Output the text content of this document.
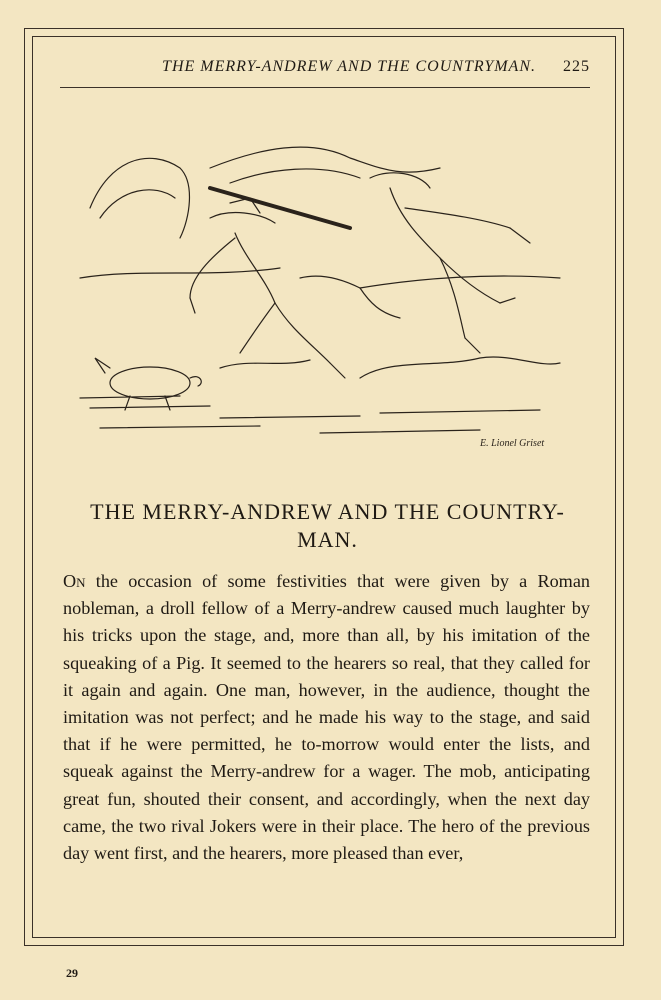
THE MERRY-ANDREW AND THE COUNTRYMAN. 225
E. Lionel Griset
THE MERRY-ANDREW AND THE COUNTRY-
MAN.
On the occasion of some festivities that were given by a Roman nobleman, a droll fellow of a Merry-andrew caused much laughter by his tricks upon the stage, and, more than all, by his imitation of the squeaking of a Pig. It seemed to the hearers so real, that they called for it again and again. One man, however, in the audience, thought the imitation was not perfect; and he made his way to the stage, and said that if he were permitted, he to-morrow would enter the lists, and squeak against the Merry-andrew for a wager. The mob, anticipating great fun, shouted their consent, and accordingly, when the next day came, the two rival Jokers were in their place. The hero of the previous day went first, and the hearers, more pleased than ever,
29
